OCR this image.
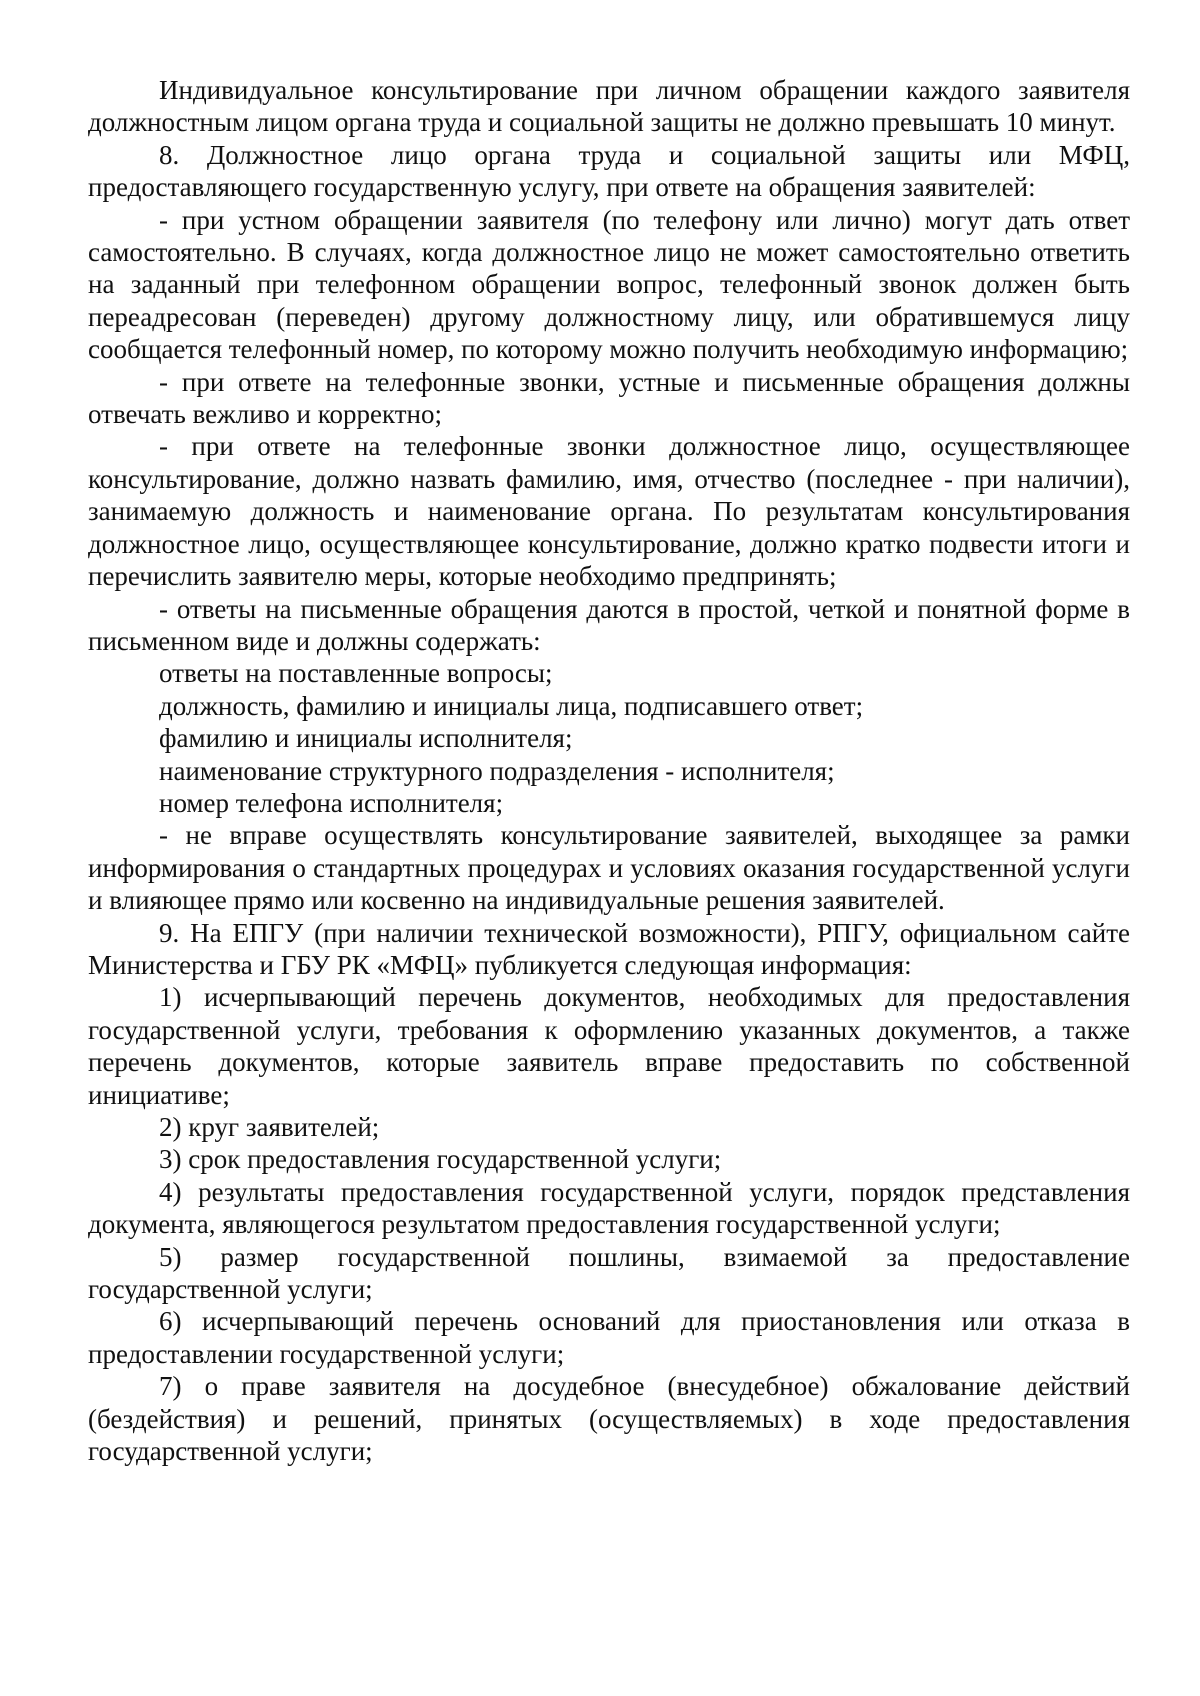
Индивидуальное консультирование при личном обращении каждого заявителя должностным лицом органа труда и социальной защиты не должно превышать 10 минут.

8. Должностное лицо органа труда и социальной защиты или МФЦ, предоставляющего государственную услугу, при ответе на обращения заявителей:

- при устном обращении заявителя (по телефону или лично) могут дать ответ самостоятельно. В случаях, когда должностное лицо не может самостоятельно ответить на заданный при телефонном обращении вопрос, телефонный звонок должен быть переадресован (переведен) другому должностному лицу, или обратившемуся лицу сообщается телефонный номер, по которому можно получить необходимую информацию;

- при ответе на телефонные звонки, устные и письменные обращения должны отвечать вежливо и корректно;

- при ответе на телефонные звонки должностное лицо, осуществляющее консультирование, должно назвать фамилию, имя, отчество (последнее - при наличии), занимаемую должность и наименование органа. По результатам консультирования должностное лицо, осуществляющее консультирование, должно кратко подвести итоги и перечислить заявителю меры, которые необходимо предпринять;

- ответы на письменные обращения даются в простой, четкой и понятной форме в письменном виде и должны содержать:

ответы на поставленные вопросы;

должность, фамилию и инициалы лица, подписавшего ответ;

фамилию и инициалы исполнителя;

наименование структурного подразделения - исполнителя;

номер телефона исполнителя;

- не вправе осуществлять консультирование заявителей, выходящее за рамки информирования о стандартных процедурах и условиях оказания государственной услуги и влияющее прямо или косвенно на индивидуальные решения заявителей.

9. На ЕПГУ (при наличии технической возможности), РПГУ, официальном сайте Министерства и ГБУ РК «МФЦ» публикуется следующая информация:

1) исчерпывающий перечень документов, необходимых для предоставления государственной услуги, требования к оформлению указанных документов, а также перечень документов, которые заявитель вправе предоставить по собственной инициативе;

2) круг заявителей;

3) срок предоставления государственной услуги;

4) результаты предоставления государственной услуги, порядок представления документа, являющегося результатом предоставления государственной услуги;

5) размер государственной пошлины, взимаемой за предоставление государственной услуги;

6) исчерпывающий перечень оснований для приостановления или отказа в предоставлении государственной услуги;

7) о праве заявителя на досудебное (внесудебное) обжалование действий (бездействия) и решений, принятых (осуществляемых) в ходе предоставления государственной услуги;
